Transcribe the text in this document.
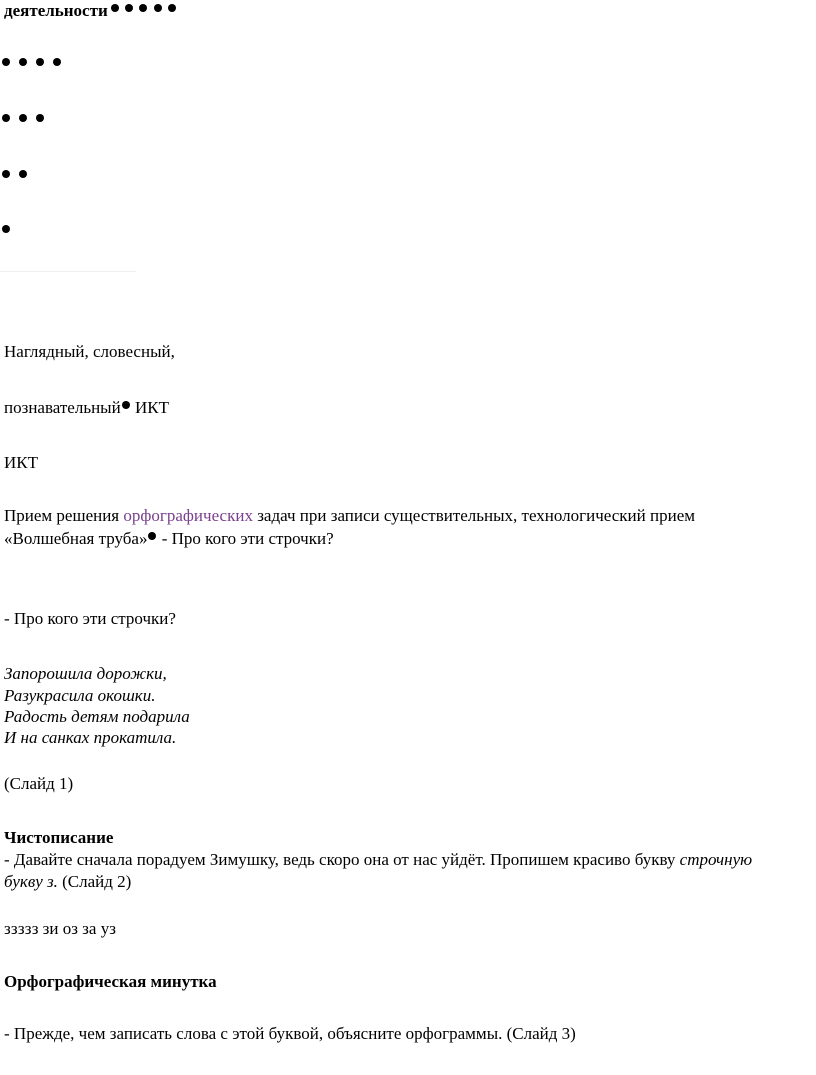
деятельности
Наглядный, словесный,
познавательный ИКТ
ИКТ
Прием решения орфографических задач при записи существительных, технологический прием
«Волшебная труба» - Про кого эти строчки?
- Про кого эти строчки?
Запорошила дорожки,
Разукрасила окошки.
Радость детям подарила
И на санках прокатила.
(Слайд 1)
Чистописание
- Давайте сначала порадуем Зимушку, ведь скоро она от нас уйдёт. Пропишем красиво букву строчную
букву з. (Слайд 2)
ззззз зи оз за уз
Орфографическая минутка
- Прежде, чем записать слова с этой буквой, объясните орфограммы. (Слайд 3)
